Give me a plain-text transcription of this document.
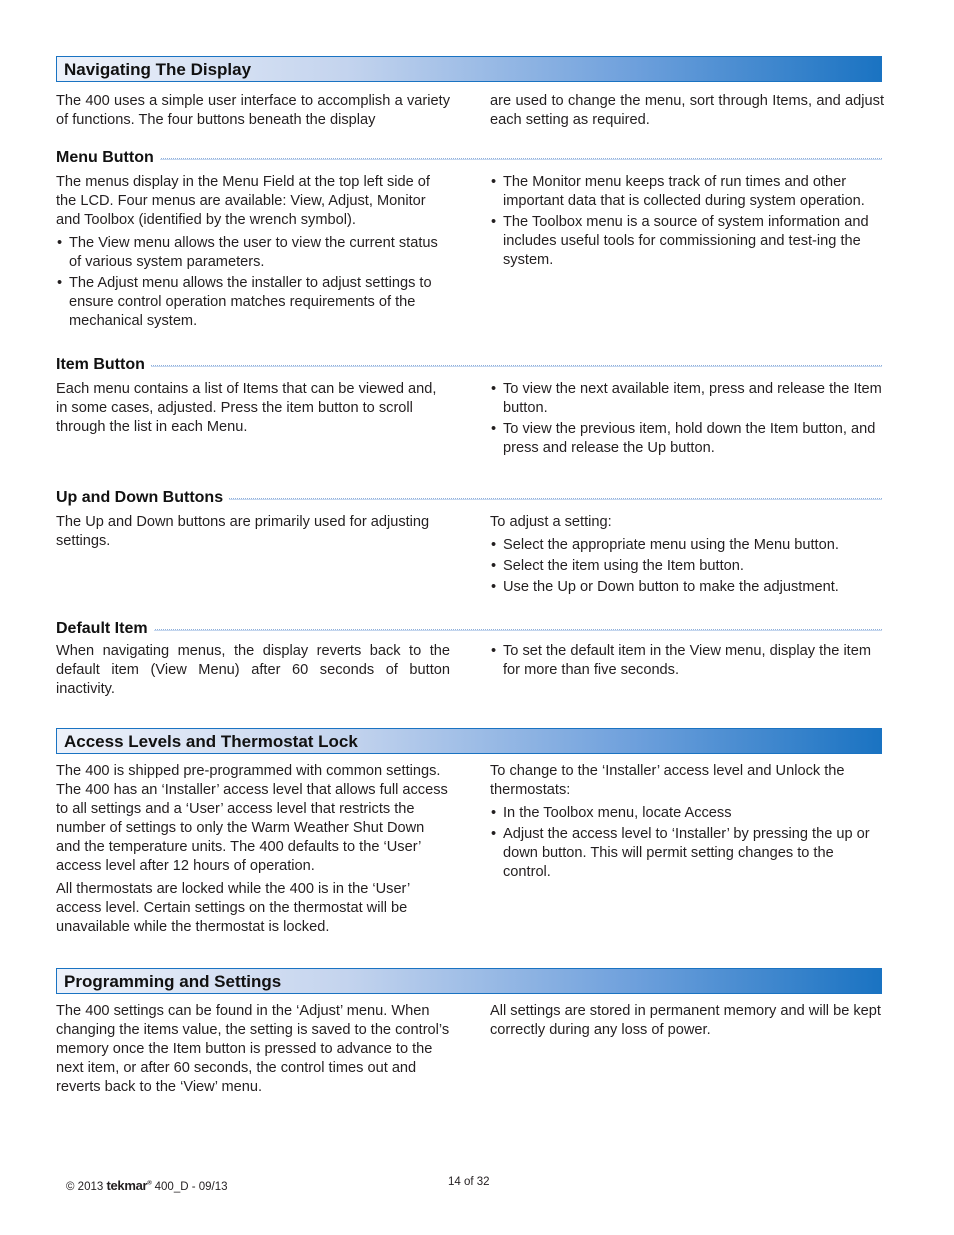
Navigating The Display

The 400 uses a simple user interface to accomplish a variety of functions. The four buttons beneath the display

are used to change the menu, sort through Items, and adjust each setting as required.

Menu Button

The menus display in the Menu Field at the top left side of the LCD. Four menus are available: View, Adjust, Monitor and Toolbox (identified by the wrench symbol).

• The View menu allows the user to view the current status of various system parameters.
• The Adjust menu allows the installer to adjust settings to ensure control operation matches requirements of the mechanical system.
• The Monitor menu keeps track of run times and other important data that is collected during system operation.
• The Toolbox menu is a source of system information and includes useful tools for commissioning and test-ing the system.
Item Button

Each menu contains a list of Items that can be viewed and, in some cases, adjusted. Press the item button to scroll through the list in each Menu.

• To view the next available item, press and release the Item button.
• To view the previous item, hold down the Item button, and press and release the Up button.
Up and Down Buttons

The Up and Down buttons are primarily used for adjusting settings.

To adjust a setting:

• Select the appropriate menu using the Menu button.
• Select the item using the Item button.
• Use the Up or Down button to make the adjustment.
Default Item

When navigating menus, the display reverts back to the default item (View Menu) after 60 seconds of button inactivity.

• To set the default item in the View menu, display the item for more than five seconds.
Access Levels and Thermostat Lock

The 400 is shipped pre-programmed with common settings. The 400 has an ‘Installer’ access level that allows full access to all settings and a ‘User’ access level that restricts the number of settings to only the Warm Weather Shut Down and the temperature units. The 400 defaults to the ‘User’ access level after 12 hours of operation.

All thermostats are locked while the 400 is in the ‘User’ access level. Certain settings on the thermostat will be unavailable while the thermostat is locked.

To change to the ‘Installer’ access level and Unlock the thermostats:

• In the Toolbox menu, locate Access
• Adjust the access level to ‘Installer’ by pressing the up or down button. This will permit setting changes to the control.
Programming and Settings

The 400 settings can be found in the ‘Adjust’ menu. When changing the items value, the setting is saved to the control’s memory once the Item button is pressed to advance to the next item, or after 60 seconds, the control times out and reverts back to the ‘View’ menu.

All settings are stored in permanent memory and will be kept correctly during any loss of power.

© 2013 tekmar® 400_D - 09/13	14 of 32
